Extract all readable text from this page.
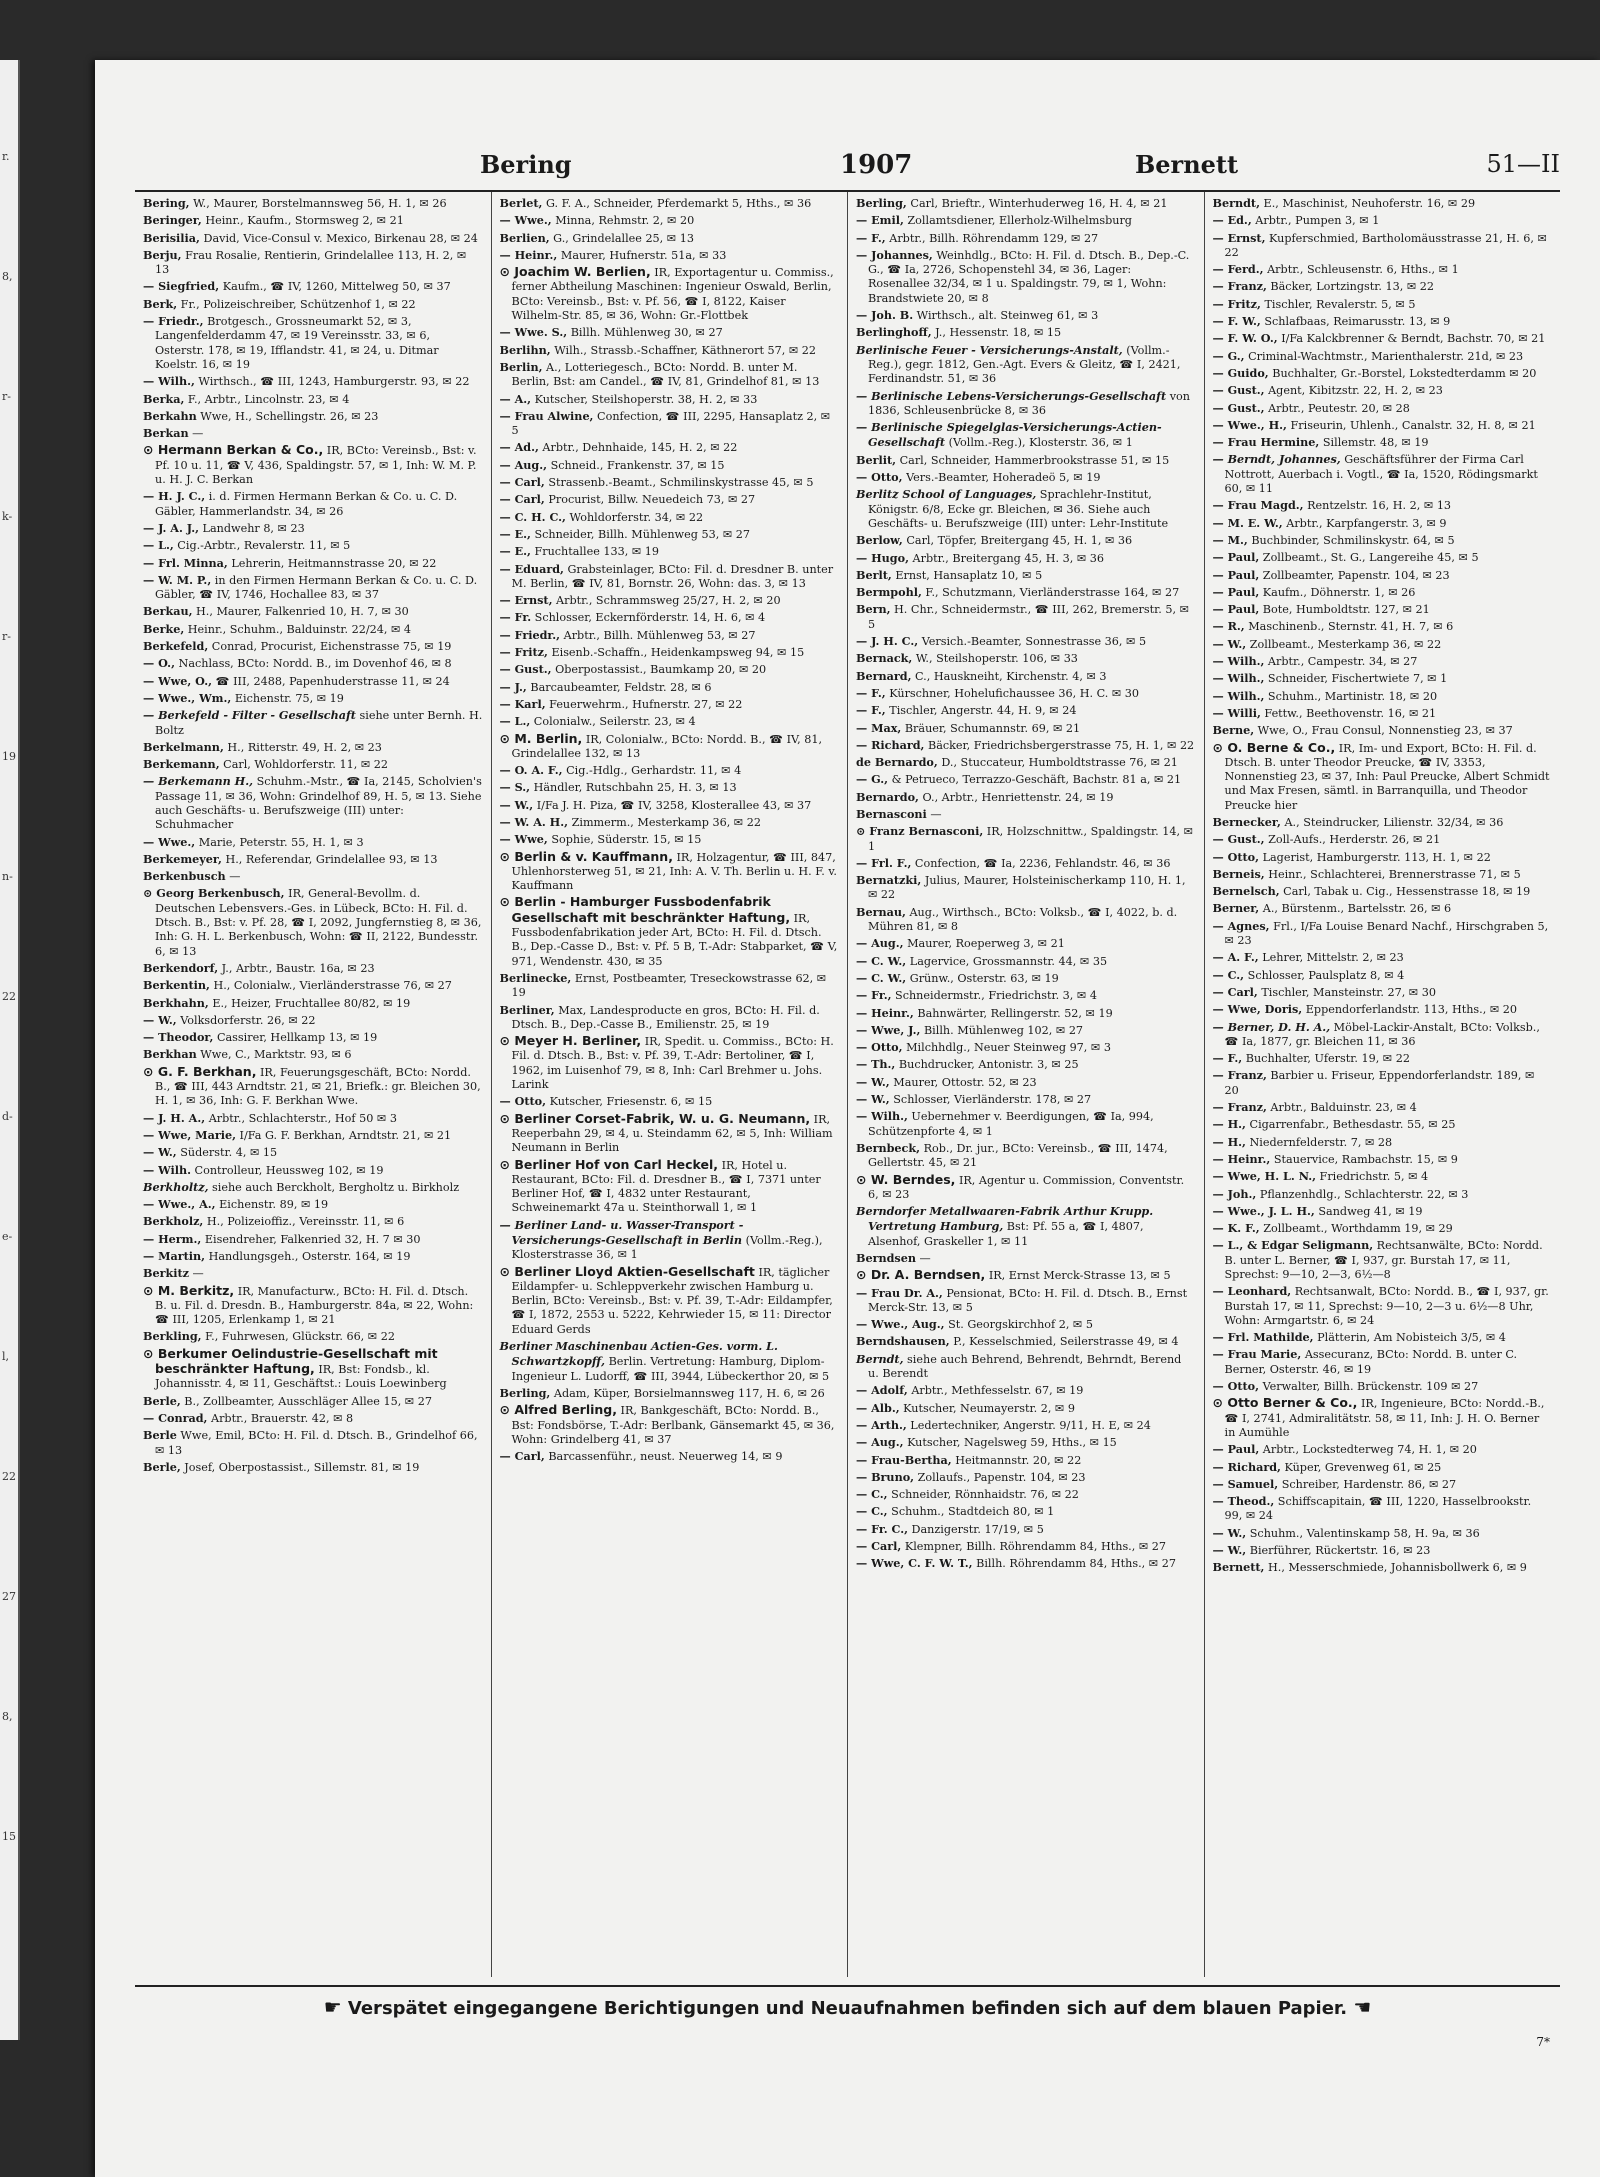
r.
8,
r-
k-
r-
19
n-
22
d-
e-
l,
22
27
8,
15
Bering	1907	Bernett	51—II

Bering, W., Maurer, Borstelmannsweg 56, H. 1, ✉ 26

Beringer, Heinr., Kaufm., Stormsweg 2, ✉ 21

Berisilia, David, Vice-Consul v. Mexico, Birkenau 28, ✉ 24

Berju, Frau Rosalie, Rentierin, Grindelallee 113, H. 2, ✉ 13

— Siegfried, Kaufm., ☎ IV, 1260, Mittelweg 50, ✉ 37

Berk, Fr., Polizeischreiber, Schützenhof 1, ✉ 22

— Friedr., Brotgesch., Grossneumarkt 52, ✉ 3, Langenfelderdamm 47, ✉ 19 Vereinsstr. 33, ✉ 6, Osterstr. 178, ✉ 19, Ifflandstr. 41, ✉ 24, u. Ditmar Koelstr. 16, ✉ 19

— Wilh., Wirthsch., ☎ III, 1243, Hamburgerstr. 93, ✉ 22

Berka, F., Arbtr., Lincolnstr. 23, ✉ 4

Berkahn Wwe, H., Schellingstr. 26, ✉ 23

Berkan —

⊙ Hermann Berkan & Co., IR, BCto: Vereinsb., Bst: v. Pf. 10 u. 11, ☎ V, 436, Spaldingstr. 57, ✉ 1, Inh: W. M. P. u. H. J. C. Berkan

— H. J. C., i. d. Firmen Hermann Berkan & Co. u. C. D. Gäbler, Hammerlandstr. 34, ✉ 26

— J. A. J., Landwehr 8, ✉ 23

— L., Cig.-Arbtr., Revalerstr. 11, ✉ 5

— Frl. Minna, Lehrerin, Heitmannstrasse 20, ✉ 22

— W. M. P., in den Firmen Hermann Berkan & Co. u. C. D. Gäbler, ☎ IV, 1746, Hochallee 83, ✉ 37

Berkau, H., Maurer, Falkenried 10, H. 7, ✉ 30

Berke, Heinr., Schuhm., Balduinstr. 22/24, ✉ 4

Berkefeld, Conrad, Procurist, Eichenstrasse 75, ✉ 19

— O., Nachlass, BCto: Nordd. B., im Dovenhof 46, ✉ 8

— Wwe, O., ☎ III, 2488, Papenhuderstrasse 11, ✉ 24

— Wwe., Wm., Eichenstr. 75, ✉ 19

— Berkefeld - Filter - Gesellschaft siehe unter Bernh. H. Boltz

Berkelmann, H., Ritterstr. 49, H. 2, ✉ 23

Berkemann, Carl, Wohldorferstr. 11, ✉ 22

— Berkemann H., Schuhm.-Mstr., ☎ Ia, 2145, Scholvien's Passage 11, ✉ 36, Wohn: Grindelhof 89, H. 5, ✉ 13. Siehe auch Geschäfts- u. Berufszweige (III) unter: Schuhmacher

— Wwe., Marie, Peterstr. 55, H. 1, ✉ 3

Berkemeyer, H., Referendar, Grindelallee 93, ✉ 13

Berkenbusch —

⊙ Georg Berkenbusch, IR, General-Bevollm. d. Deutschen Lebensvers.-Ges. in Lübeck, BCto: H. Fil. d. Dtsch. B., Bst: v. Pf. 28, ☎ I, 2092, Jungfernstieg 8, ✉ 36, Inh: G. H. L. Berkenbusch, Wohn: ☎ II, 2122, Bundesstr. 6, ✉ 13

Berkendorf, J., Arbtr., Baustr. 16a, ✉ 23

Berkentin, H., Colonialw., Vierländerstrasse 76, ✉ 27

Berkhahn, E., Heizer, Fruchtallee 80/82, ✉ 19

— W., Volksdorferstr. 26, ✉ 22

— Theodor, Cassirer, Hellkamp 13, ✉ 19

Berkhan Wwe, C., Marktstr. 93, ✉ 6

⊙ G. F. Berkhan, IR, Feuerungsgeschäft, BCto: Nordd. B., ☎ III, 443 Arndtstr. 21, ✉ 21, Briefk.: gr. Bleichen 30, H. 1, ✉ 36, Inh: G. F. Berkhan Wwe.

— J. H. A., Arbtr., Schlachterstr., Hof 50 ✉ 3

— Wwe, Marie, I/Fa G. F. Berkhan, Arndtstr. 21, ✉ 21

— W., Süderstr. 4, ✉ 15

— Wilh. Controlleur, Heussweg 102, ✉ 19

Berkholtz, siehe auch Berckholt, Bergholtz u. Birkholz

— Wwe., A., Eichenstr. 89, ✉ 19

Berkholz, H., Polizeioffiz., Vereinsstr. 11, ✉ 6

— Herm., Eisendreher, Falkenried 32, H. 7 ✉ 30

— Martin, Handlungsgeh., Osterstr. 164, ✉ 19

Berkitz —

⊙ M. Berkitz, IR, Manufacturw., BCto: H. Fil. d. Dtsch. B. u. Fil. d. Dresdn. B., Hamburgerstr. 84a, ✉ 22, Wohn: ☎ III, 1205, Erlenkamp 1, ✉ 21

Berkling, F., Fuhrwesen, Glückstr. 66, ✉ 22

⊙ Berkumer Oelindustrie-Gesellschaft mit beschränkter Haftung, IR, Bst: Fondsb., kl. Johannisstr. 4, ✉ 11, Geschäftst.: Louis Loewinberg

Berle, B., Zollbeamter, Ausschläger Allee 15, ✉ 27

— Conrad, Arbtr., Brauerstr. 42, ✉ 8

Berle Wwe, Emil, BCto: H. Fil. d. Dtsch. B., Grindelhof 66, ✉ 13

Berle, Josef, Oberpostassist., Sillemstr. 81, ✉ 19

Berlet, G. F. A., Schneider, Pferdemarkt 5, Hths., ✉ 36

— Wwe., Minna, Rehmstr. 2, ✉ 20

Berlien, G., Grindelallee 25, ✉ 13

— Heinr., Maurer, Hufnerstr. 51a, ✉ 33

⊙ Joachim W. Berlien, IR, Exportagentur u. Commiss., ferner Abtheilung Maschinen: Ingenieur Oswald, Berlin, BCto: Vereinsb., Bst: v. Pf. 56, ☎ I, 8122, Kaiser Wilhelm-Str. 85, ✉ 36, Wohn: Gr.-Flottbek

— Wwe. S., Billh. Mühlenweg 30, ✉ 27

Berlihn, Wilh., Strassb.-Schaffner, Käthnerort 57, ✉ 22

Berlin, A., Lotteriegesch., BCto: Nordd. B. unter M. Berlin, Bst: am Candel., ☎ IV, 81, Grindelhof 81, ✉ 13

— A., Kutscher, Steilshoperstr. 38, H. 2, ✉ 33

— Frau Alwine, Confection, ☎ III, 2295, Hansaplatz 2, ✉ 5

— Ad., Arbtr., Dehnhaide, 145, H. 2, ✉ 22

— Aug., Schneid., Frankenstr. 37, ✉ 15

— Carl, Strassenb.-Beamt., Schmilinskystrasse 45, ✉ 5

— Carl, Procurist, Billw. Neuedeich 73, ✉ 27

— C. H. C., Wohldorferstr. 34, ✉ 22

— E., Schneider, Billh. Mühlenweg 53, ✉ 27

— E., Fruchtallee 133, ✉ 19

— Eduard, Grabsteinlager, BCto: Fil. d. Dresdner B. unter M. Berlin, ☎ IV, 81, Bornstr. 26, Wohn: das. 3, ✉ 13

— Ernst, Arbtr., Schrammsweg 25/27, H. 2, ✉ 20

— Fr. Schlosser, Eckernförderstr. 14, H. 6, ✉ 4

— Friedr., Arbtr., Billh. Mühlenweg 53, ✉ 27

— Fritz, Eisenb.-Schaffn., Heidenkampsweg 94, ✉ 15

— Gust., Oberpostassist., Baumkamp 20, ✉ 20

— J., Barcaubeamter, Feldstr. 28, ✉ 6

— Karl, Feuerwehrm., Hufnerstr. 27, ✉ 22

— L., Colonialw., Seilerstr. 23, ✉ 4

⊙ M. Berlin, IR, Colonialw., BCto: Nordd. B., ☎ IV, 81, Grindelallee 132, ✉ 13

— O. A. F., Cig.-Hdlg., Gerhardstr. 11, ✉ 4

— S., Händler, Rutschbahn 25, H. 3, ✉ 13

— W., I/Fa J. H. Piza, ☎ IV, 3258, Klosterallee 43, ✉ 37

— W. A. H., Zimmerm., Mesterkamp 36, ✉ 22

— Wwe, Sophie, Süderstr. 15, ✉ 15

⊙ Berlin & v. Kauffmann, IR, Holzagentur, ☎ III, 847, Uhlenhorsterweg 51, ✉ 21, Inh: A. V. Th. Berlin u. H. F. v. Kauffmann

⊙ Berlin - Hamburger Fussbodenfabrik Gesellschaft mit beschränkter Haftung, IR, Fussbodenfabrikation jeder Art, BCto: H. Fil. d. Dtsch. B., Dep.-Casse D., Bst: v. Pf. 5 B, T.-Adr: Stabparket, ☎ V, 971, Wendenstr. 430, ✉ 35

Berlinecke, Ernst, Postbeamter, Treseckowstrasse 62, ✉ 19

Berliner, Max, Landesproducte en gros, BCto: H. Fil. d. Dtsch. B., Dep.-Casse B., Emilienstr. 25, ✉ 19

⊙ Meyer H. Berliner, IR, Spedit. u. Commiss., BCto: H. Fil. d. Dtsch. B., Bst: v. Pf. 39, T.-Adr: Bertoliner, ☎ I, 1962, im Luisenhof 79, ✉ 8, Inh: Carl Brehmer u. Johs. Larink

— Otto, Kutscher, Friesenstr. 6, ✉ 15

⊙ Berliner Corset-Fabrik, W. u. G. Neumann, IR, Reeperbahn 29, ✉ 4, u. Steindamm 62, ✉ 5, Inh: William Neumann in Berlin

⊙ Berliner Hof von Carl Heckel, IR, Hotel u. Restaurant, BCto: Fil. d. Dresdner B., ☎ I, 7371 unter Berliner Hof, ☎ I, 4832 unter Restaurant, Schweinemarkt 47a u. Steinthorwall 1, ✉ 1

— Berliner Land- u. Wasser-Transport - Versicherungs-Gesellschaft in Berlin (Vollm.-Reg.), Klosterstrasse 36, ✉ 1

⊙ Berliner Lloyd Aktien-Gesellschaft IR, täglicher Eildampfer- u. Schleppverkehr zwischen Hamburg u. Berlin, BCto: Vereinsb., Bst: v. Pf. 39, T.-Adr: Eildampfer, ☎ I, 1872, 2553 u. 5222, Kehrwieder 15, ✉ 11: Director Eduard Gerds

Berliner Maschinenbau Actien-Ges. vorm. L. Schwartzkopff, Berlin. Vertretung: Hamburg, Diplom-Ingenieur L. Ludorff, ☎ III, 3944, Lübeckerthor 20, ✉ 5

Berling, Adam, Küper, Borsielmannsweg 117, H. 6, ✉ 26

⊙ Alfred Berling, IR, Bankgeschäft, BCto: Nordd. B., Bst: Fondsbörse, T.-Adr: Berlbank, Gänsemarkt 45, ✉ 36, Wohn: Grindelberg 41, ✉ 37

— Carl, Barcassenführ., neust. Neuerweg 14, ✉ 9

Berling, Carl, Brieftr., Winterhuderweg 16, H. 4, ✉ 21

— Emil, Zollamtsdiener, Ellerholz-Wilhelmsburg

— F., Arbtr., Billh. Röhrendamm 129, ✉ 27

— Johannes, Weinhdlg., BCto: H. Fil. d. Dtsch. B., Dep.-C. G., ☎ Ia, 2726, Schopenstehl 34, ✉ 36, Lager: Rosenallee 32/34, ✉ 1 u. Spaldingstr. 79, ✉ 1, Wohn: Brandstwiete 20, ✉ 8

— Joh. B. Wirthsch., alt. Steinweg 61, ✉ 3

Berlinghoff, J., Hessenstr. 18, ✉ 15

Berlinische Feuer - Versicherungs-Anstalt, (Vollm.-Reg.), gegr. 1812, Gen.-Agt. Evers & Gleitz, ☎ I, 2421, Ferdinandstr. 51, ✉ 36

— Berlinische Lebens-Versicherungs-Gesellschaft von 1836, Schleusenbrücke 8, ✉ 36

— Berlinische Spiegelglas-Versicherungs-Actien-Gesellschaft (Vollm.-Reg.), Klosterstr. 36, ✉ 1

Berlit, Carl, Schneider, Hammerbrookstrasse 51, ✉ 15

— Otto, Vers.-Beamter, Hoheradeö 5, ✉ 19

Berlitz School of Languages, Sprachlehr-Institut, Königstr. 6/8, Ecke gr. Bleichen, ✉ 36. Siehe auch Geschäfts- u. Berufszweige (III) unter: Lehr-Institute

Berlow, Carl, Töpfer, Breitergang 45, H. 1, ✉ 36

— Hugo, Arbtr., Breitergang 45, H. 3, ✉ 36

Berlt, Ernst, Hansaplatz 10, ✉ 5

Bermpohl, F., Schutzmann, Vierländerstrasse 164, ✉ 27

Bern, H. Chr., Schneidermstr., ☎ III, 262, Bremerstr. 5, ✉ 5

— J. H. C., Versich.-Beamter, Sonnestrasse 36, ✉ 5

Bernack, W., Steilshoperstr. 106, ✉ 33

Bernard, C., Hauskneiht, Kirchenstr. 4, ✉ 3

— F., Kürschner, Hohelufichaussee 36, H. C. ✉ 30

— F., Tischler, Angerstr. 44, H. 9, ✉ 24

— Max, Bräuer, Schumannstr. 69, ✉ 21

— Richard, Bäcker, Friedrichsbergerstrasse 75, H. 1, ✉ 22

de Bernardo, D., Stuccateur, Humboldtstrasse 76, ✉ 21

— G., & Petrueco, Terrazzo-Geschäft, Bachstr. 81 a, ✉ 21

Bernardo, O., Arbtr., Henriettenstr. 24, ✉ 19

Bernasconi —

⊙ Franz Bernasconi, IR, Holzschnittw., Spaldingstr. 14, ✉ 1

— Frl. F., Confection, ☎ Ia, 2236, Fehlandstr. 46, ✉ 36

Bernatzki, Julius, Maurer, Holsteinischerkamp 110, H. 1, ✉ 22

Bernau, Aug., Wirthsch., BCto: Volksb., ☎ I, 4022, b. d. Mühren 81, ✉ 8

— Aug., Maurer, Roeperweg 3, ✉ 21

— C. W., Lagervice, Grossmannstr. 44, ✉ 35

— C. W., Grünw., Osterstr. 63, ✉ 19

— Fr., Schneidermstr., Friedrichstr. 3, ✉ 4

— Heinr., Bahnwärter, Rellingerstr. 52, ✉ 19

— Wwe, J., Billh. Mühlenweg 102, ✉ 27

— Otto, Milchhdlg., Neuer Steinweg 97, ✉ 3

— Th., Buchdrucker, Antonistr. 3, ✉ 25

— W., Maurer, Ottostr. 52, ✉ 23

— W., Schlosser, Vierländerstr. 178, ✉ 27

— Wilh., Uebernehmer v. Beerdigungen, ☎ Ia, 994, Schützenpforte 4, ✉ 1

Bernbeck, Rob., Dr. jur., BCto: Vereinsb., ☎ III, 1474, Gellertstr. 45, ✉ 21

⊙ W. Berndes, IR, Agentur u. Commission, Conventstr. 6, ✉ 23

Berndorfer Metallwaaren-Fabrik Arthur Krupp. Vertretung Hamburg, Bst: Pf. 55 a, ☎ I, 4807, Alsenhof, Graskeller 1, ✉ 11

Berndsen —

⊙ Dr. A. Berndsen, IR, Ernst Merck-Strasse 13, ✉ 5

— Frau Dr. A., Pensionat, BCto: H. Fil. d. Dtsch. B., Ernst Merck-Str. 13, ✉ 5

— Wwe., Aug., St. Georgskirchhof 2, ✉ 5

Berndshausen, P., Kesselschmied, Seilerstrasse 49, ✉ 4

Berndt, siehe auch Behrend, Behrendt, Behrndt, Berend u. Berendt

— Adolf, Arbtr., Methfesselstr. 67, ✉ 19

— Alb., Kutscher, Neumayerstr. 2, ✉ 9

— Arth., Ledertechniker, Angerstr. 9/11, H. E, ✉ 24

— Aug., Kutscher, Nagelsweg 59, Hths., ✉ 15

— Frau-Bertha, Heitmannstr. 20, ✉ 22

— Bruno, Zollaufs., Papenstr. 104, ✉ 23

— C., Schneider, Rönnhaidstr. 76, ✉ 22

— C., Schuhm., Stadtdeich 80, ✉ 1

— Fr. C., Danzigerstr. 17/19, ✉ 5

— Carl, Klempner, Billh. Röhrendamm 84, Hths., ✉ 27

— Wwe, C. F. W. T., Billh. Röhrendamm 84, Hths., ✉ 27

Berndt, E., Maschinist, Neuhoferstr. 16, ✉ 29

— Ed., Arbtr., Pumpen 3, ✉ 1

— Ernst, Kupferschmied, Bartholomäusstrasse 21, H. 6, ✉ 22

— Ferd., Arbtr., Schleusenstr. 6, Hths., ✉ 1

— Franz, Bäcker, Lortzingstr. 13, ✉ 22

— Fritz, Tischler, Revalerstr. 5, ✉ 5

— F. W., Schlafbaas, Reimarusstr. 13, ✉ 9

— F. W. O., I/Fa Kalckbrenner & Berndt, Bachstr. 70, ✉ 21

— G., Criminal-Wachtmstr., Marienthalerstr. 21d, ✉ 23

— Guido, Buchhalter, Gr.-Borstel, Lokstedterdamm ✉ 20

— Gust., Agent, Kibitzstr. 22, H. 2, ✉ 23

— Gust., Arbtr., Peutestr. 20, ✉ 28

— Wwe., H., Friseurin, Uhlenh., Canalstr. 32, H. 8, ✉ 21

— Frau Hermine, Sillemstr. 48, ✉ 19

— Berndt, Johannes, Geschäftsführer der Firma Carl Nottrott, Auerbach i. Vogtl., ☎ Ia, 1520, Rödingsmarkt 60, ✉ 11

— Frau Magd., Rentzelstr. 16, H. 2, ✉ 13

— M. E. W., Arbtr., Karpfangerstr. 3, ✉ 9

— M., Buchbinder, Schmilinskystr. 64, ✉ 5

— Paul, Zollbeamt., St. G., Langereihe 45, ✉ 5

— Paul, Zollbeamter, Papenstr. 104, ✉ 23

— Paul, Kaufm., Döhnerstr. 1, ✉ 26

— Paul, Bote, Humboldtstr. 127, ✉ 21

— R., Maschinenb., Sternstr. 41, H. 7, ✉ 6

— W., Zollbeamt., Mesterkamp 36, ✉ 22

— Wilh., Arbtr., Campestr. 34, ✉ 27

— Wilh., Schneider, Fischertwiete 7, ✉ 1

— Wilh., Schuhm., Martinistr. 18, ✉ 20

— Willi, Fettw., Beethovenstr. 16, ✉ 21

Berne, Wwe, O., Frau Consul, Nonnenstieg 23, ✉ 37

⊙ O. Berne & Co., IR, Im- und Export, BCto: H. Fil. d. Dtsch. B. unter Theodor Preucke, ☎ IV, 3353, Nonnenstieg 23, ✉ 37, Inh: Paul Preucke, Albert Schmidt und Max Fresen, sämtl. in Barranquilla, und Theodor Preucke hier

Bernecker, A., Steindrucker, Lilienstr. 32/34, ✉ 36

— Gust., Zoll-Aufs., Herderstr. 26, ✉ 21

— Otto, Lagerist, Hamburgerstr. 113, H. 1, ✉ 22

Berneis, Heinr., Schlachterei, Brennerstrasse 71, ✉ 5

Bernelsch, Carl, Tabak u. Cig., Hessenstrasse 18, ✉ 19

Berner, A., Bürstenm., Bartelsstr. 26, ✉ 6

— Agnes, Frl., I/Fa Louise Benard Nachf., Hirschgraben 5, ✉ 23

— A. F., Lehrer, Mittelstr. 2, ✉ 23

— C., Schlosser, Paulsplatz 8, ✉ 4

— Carl, Tischler, Mansteinstr. 27, ✉ 30

— Wwe, Doris, Eppendorferlandstr. 113, Hths., ✉ 20

— Berner, D. H. A., Möbel-Lackir-Anstalt, BCto: Volksb., ☎ Ia, 1877, gr. Bleichen 11, ✉ 36

— F., Buchhalter, Uferstr. 19, ✉ 22

— Franz, Barbier u. Friseur, Eppendorferlandstr. 189, ✉ 20

— Franz, Arbtr., Balduinstr. 23, ✉ 4

— H., Cigarrenfabr., Bethesdastr. 55, ✉ 25

— H., Niedernfelderstr. 7, ✉ 28

— Heinr., Stauervice, Rambachstr. 15, ✉ 9

— Wwe, H. L. N., Friedrichstr. 5, ✉ 4

— Joh., Pflanzenhdlg., Schlachterstr. 22, ✉ 3

— Wwe., J. L. H., Sandweg 41, ✉ 19

— K. F., Zollbeamt., Worthdamm 19, ✉ 29

— L., & Edgar Seligmann, Rechtsanwälte, BCto: Nordd. B. unter L. Berner, ☎ I, 937, gr. Burstah 17, ✉ 11, Sprechst: 9—10, 2—3, 6½—8

— Leonhard, Rechtsanwalt, BCto: Nordd. B., ☎ I, 937, gr. Burstah 17, ✉ 11, Sprechst: 9—10, 2—3 u. 6½—8 Uhr, Wohn: Armgartstr. 6, ✉ 24

— Frl. Mathilde, Plätterin, Am Nobisteich 3/5, ✉ 4

— Frau Marie, Assecuranz, BCto: Nordd. B. unter C. Berner, Osterstr. 46, ✉ 19

— Otto, Verwalter, Billh. Brückenstr. 109 ✉ 27

⊙ Otto Berner & Co., IR, Ingenieure, BCto: Nordd.-B., ☎ I, 2741, Admiralitätstr. 58, ✉ 11, Inh: J. H. O. Berner in Aumühle

— Paul, Arbtr., Lockstedterweg 74, H. 1, ✉ 20

— Richard, Küper, Grevenweg 61, ✉ 25

— Samuel, Schreiber, Hardenstr. 86, ✉ 27

— Theod., Schiffscapitain, ☎ III, 1220, Hasselbrookstr. 99, ✉ 24

— W., Schuhm., Valentinskamp 58, H. 9a, ✉ 36

— W., Bierführer, Rückertstr. 16, ✉ 23

Bernett, H., Messerschmiede, Johannisbollwerk 6, ✉ 9

☛ Verspätet eingegangene Berichtigungen und Neuaufnahmen befinden sich auf dem blauen Papier. ☚
7*
